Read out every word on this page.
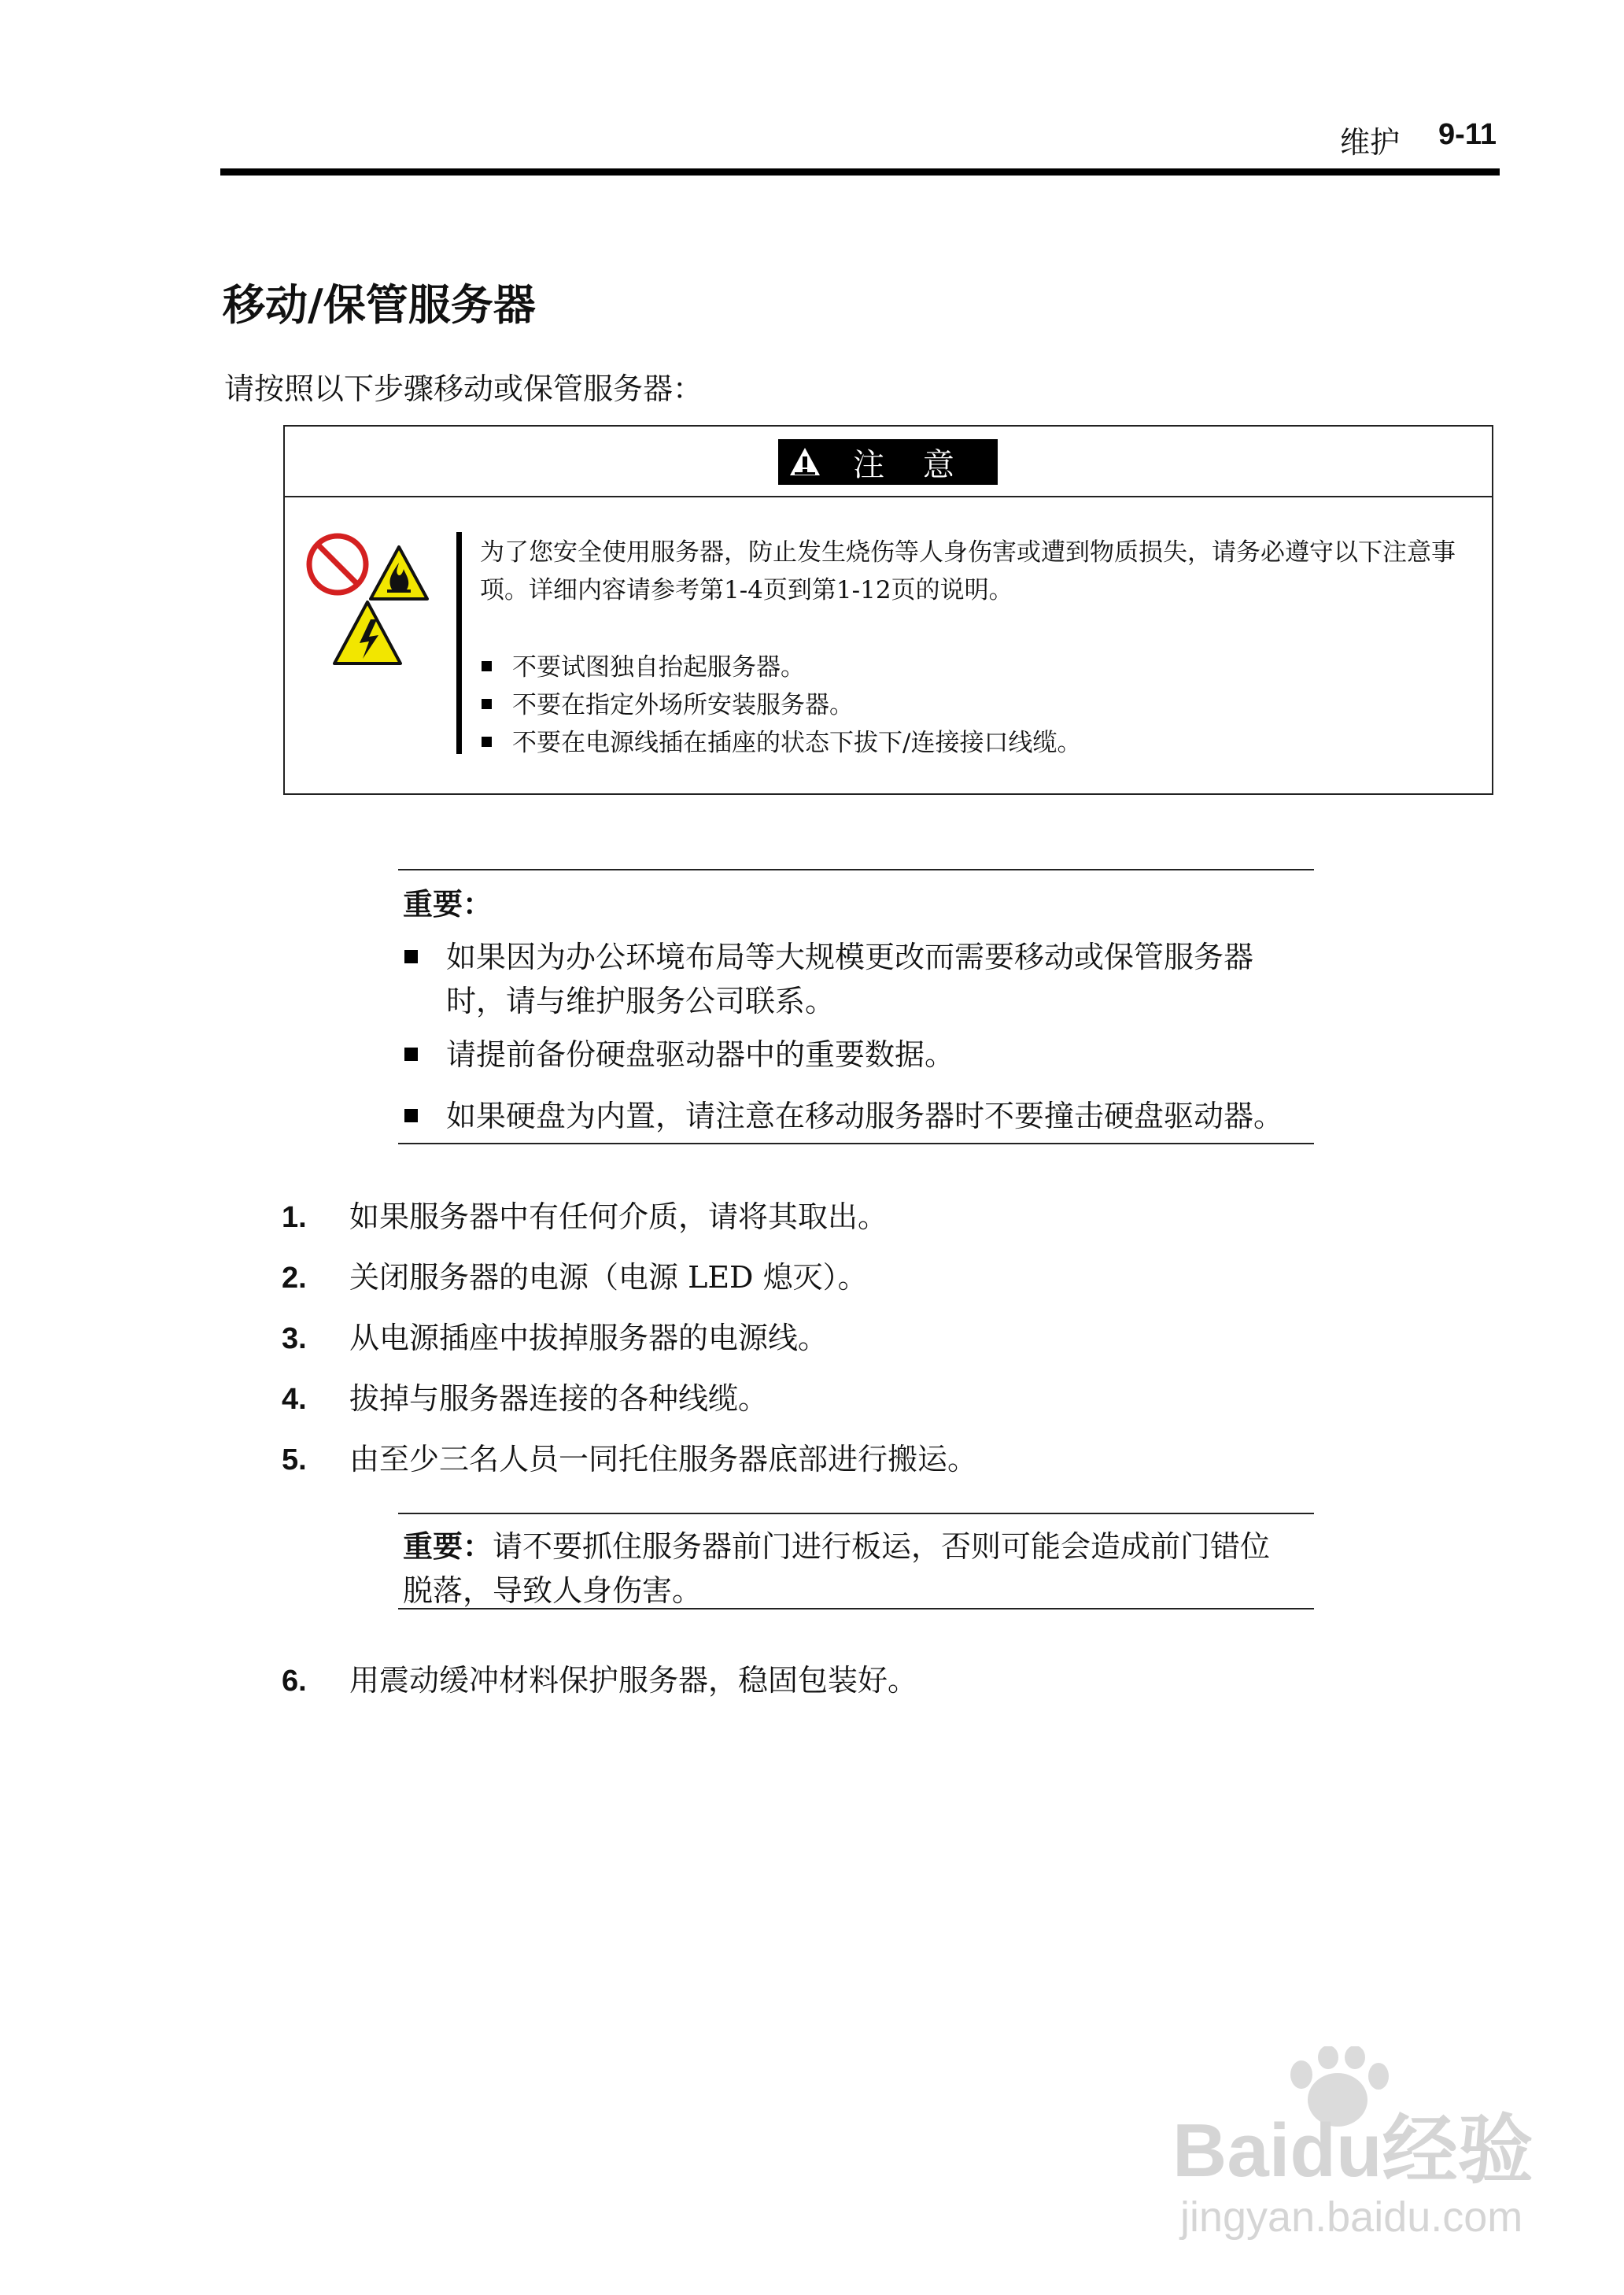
维护 9-11
移动/保管服务器
请按照以下步骤移动或保管服务器：
注 意
为了您安全使用服务器，防止发生烧伤等人身伤害或遭到物质损失，请务必遵守以下注意事项。详细内容请参考第1-4页到第1-12页的说明。
不要试图独自抬起服务器。
不要在指定外场所安装服务器。
不要在电源线插在插座的状态下拔下/连接接口线缆。
重要：
如果因为办公环境布局等大规模更改而需要移动或保管服务器
时，请与维护服务公司联系。
请提前备份硬盘驱动器中的重要数据。
如果硬盘为内置，请注意在移动服务器时不要撞击硬盘驱动器。
1. 如果服务器中有任何介质，请将其取出。
2. 关闭服务器的电源（电源 LED 熄灭）。
3. 从电源插座中拔掉服务器的电源线。
4. 拔掉与服务器连接的各种线缆。
5. 由至少三名人员一同托住服务器底部进行搬运。
重要：请不要抓住服务器前门进行板运，否则可能会造成前门错位
脱落，导致人身伤害。
6. 用震动缓冲材料保护服务器，稳固包装好。
Baidu经验
jingyan.baidu.com
